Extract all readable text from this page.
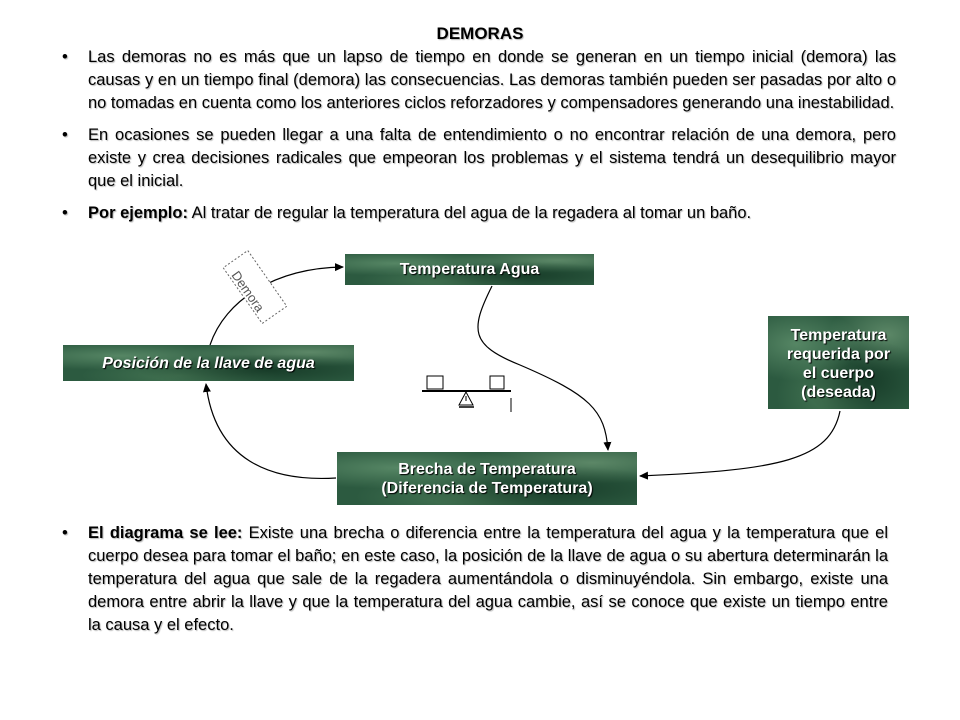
DEMORAS
• Las demoras no es más que un lapso de tiempo en donde se generan en un tiempo inicial (demora) las causas y en un tiempo final (demora) las consecuencias. Las demoras también pueden ser pasadas por alto o no tomadas en cuenta como los anteriores ciclos reforzadores y compensadores generando una inestabilidad.
• En ocasiones se pueden llegar a una falta de entendimiento o no encontrar relación de una demora, pero existe y crea decisiones radicales que empeoran los problemas y el sistema tendrá un desequilibrio mayor que el inicial.
• Por ejemplo: Al tratar de regular la temperatura del agua de la regadera al tomar un baño.
Demora	Temperatura Agua
Posición de la llave de agua
Brecha de Temperatura
(Diferencia de Temperatura)
Temperatura
requerida por
el cuerpo
(deseada)
• El diagrama se lee: Existe una brecha o diferencia entre la temperatura del agua y la temperatura que el cuerpo desea para tomar el baño; en este caso, la posición de la llave de agua o su abertura determinarán la temperatura del agua que sale de la regadera aumentándola o disminuyéndola. Sin embargo, existe una demora entre abrir la llave y que la temperatura del agua cambie, así se conoce que existe un tiempo entre la causa y el efecto.
